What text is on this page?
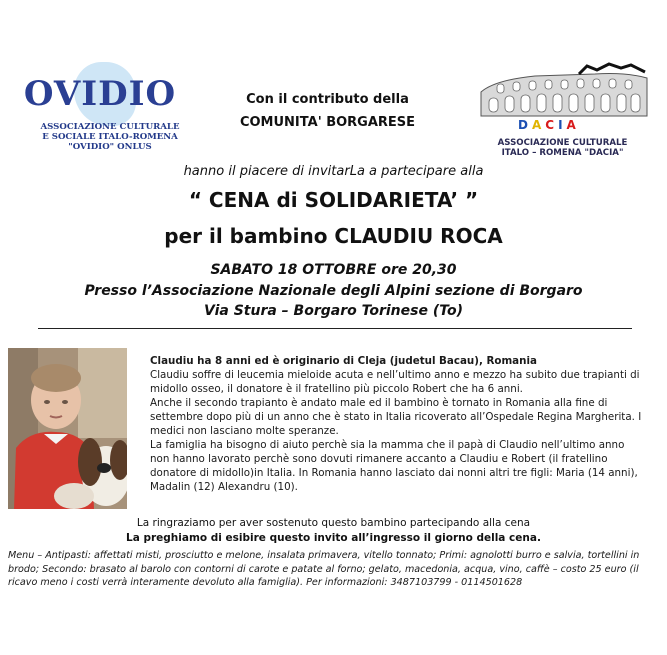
OVIDIO
ASSOCIAZIONE CULTURALE
E SOCIALE ITALO-ROMENA
"OVIDIO" ONLUS
Con il contributo della
COMUNITA' BORGARESE	DACIA
ASSOCIAZIONE CULTURALE
ITALO – ROMENA "DACIA"
hanno il piacere di invitarLa a partecipare alla
“ CENA di SOLIDARIETA’ ”
per il bambino CLAUDIU ROCA
SABATO 18 OTTOBRE ore 20,30
Presso l’Associazione Nazionale degli Alpini sezione di Borgaro
Via Stura – Borgaro Torinese (To)

Claudiu ha 8 anni ed è originario di Cleja (judetul Bacau), Romania

Claudiu soffre di leucemia mieloide acuta e nell’ultimo anno e mezzo ha subito due trapianti di midollo osseo, il donatore è il fratellino più piccolo Robert che ha 6 anni.

Anche il secondo trapianto è andato male ed il bambino è tornato in Romania alla fine di settembre dopo più di un anno che è stato in Italia ricoverato all’Ospedale Regina Margherita. I medici non lasciano molte speranze.

La famiglia ha bisogno di aiuto perchè sia la mamma che il papà di Claudio nell’ultimo anno non hanno lavorato perchè sono dovuti rimanere accanto a Claudiu e Robert (il fratellino donatore di midollo)in Italia. In Romania hanno lasciato dai nonni altri tre figli: Maria (14 anni), Madalin (12) Alexandru (10).

La ringraziamo per aver sostenuto questo bambino partecipando alla cena
La preghiamo di esibire questo invito all’ingresso il giorno della cena.
Menu – Antipasti: affettati misti, prosciutto e melone, insalata primavera, vitello tonnato; Primi: agnolotti burro e salvia, tortellini in brodo; Secondo: brasato al barolo con contorni di carote e patate al forno; gelato, macedonia, acqua, vino, caffè – costo 25 euro (il ricavo meno i costi verrà interamente devoluto alla famiglia). Per informazioni: 3487103799 - 0114501628
